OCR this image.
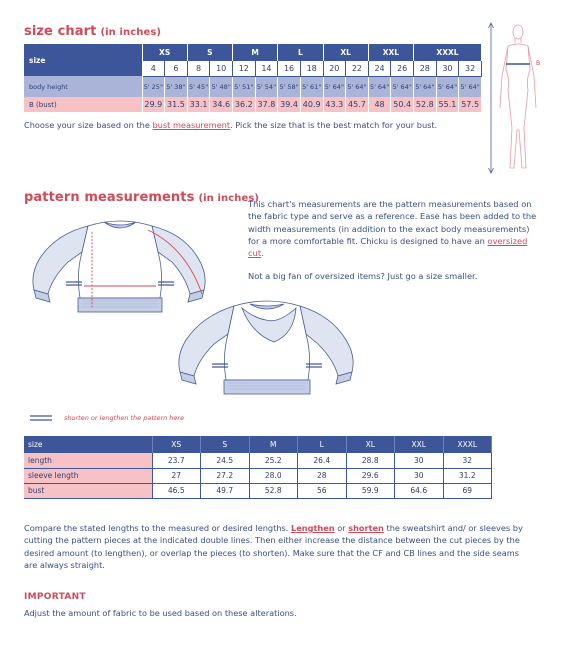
size chart (in inches)
size	XS		S		M		L		XL		XXL		XXXL		
	4	6	8	10	12	14	16	18	20	22	24	26	28	30	32
body height	5' 25"	5' 38"	5' 45"	5' 48"	5' 51"	5' 54"	5' 58"	5' 61"	5' 64"	5' 64"	5' 64"	5' 64"	5' 64"	5' 64"	5' 64"
B (bust)	29.9	31.5	33.1	34.6	36.2	37.8	39.4	40.9	43.3	45.7	48	50.4	52.8	55.1	57.5

Choose your size based on the bust measurement. Pick the size that is the best match for your bust.

B
pattern measurements (in inches)

This chart's measurements are the pattern measurements based on the fabric type and serve as a reference. Ease has been added to the width measurements (in addition to the exact body measurements) for a more comfortable fit. Chicku is designed to have an oversized cut.

Not a big fan of oversized items? Just go a size smaller.

shorten or lengthen the pattern here
size	XS	S	M	L	XL	XXL	XXXL
length	23.7	24.5	25.2	26.4	28.8	30	32
sleeve length	27	27.2	28.0	28	29.6	30	31.2
bust	46.5	49.7	52.8	56	59.9	64.6	69

Compare the stated lengths to the measured or desired lengths. Lengthen or shorten the sweatshirt and/ or sleeves by cutting the pattern pieces at the indicated double lines. Then either increase the distance between the cut pieces by the desired amount (to lengthen), or overlap the pieces (to shorten). Make sure that the CF and CB lines and the side seams are always straight.

IMPORTANT

Adjust the amount of fabric to be used based on these alterations.
